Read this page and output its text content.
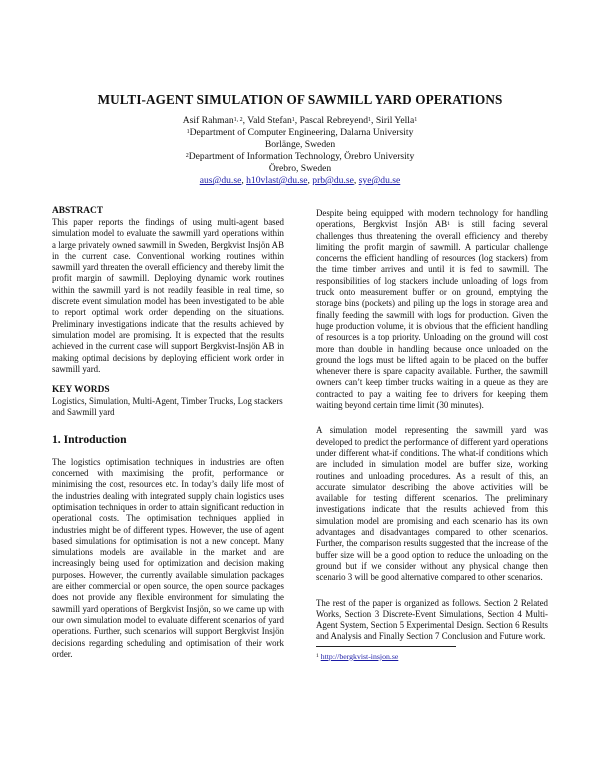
MULTI-AGENT SIMULATION OF SAWMILL YARD OPERATIONS
Asif Rahman$^{1, 2}$, Vald Stefan$^1$, Pascal Rebreyend$^1$, Siril Yella$^1$
$^1$Department of Computer Engineering, Dalarna University
Borlänge, Sweden
$^2$Department of Information Technology, Örebro University
Örebro, Sweden
aus@du.se, h10vlast@du.se, prb@du.se, sye@du.se
ABSTRACT

This paper reports the findings of using multi-agent based simulation model to evaluate the sawmill yard operations within a large privately owned sawmill in Sweden, Bergkvist Insjön AB in the current case. Conventional working routines within sawmill yard threaten the overall efficiency and thereby limit the profit margin of sawmill. Deploying dynamic work routines within the sawmill yard is not readily feasible in real time, so discrete event simulation model has been investigated to be able to report optimal work order depending on the situations. Preliminary investigations indicate that the results achieved by simulation model are promising. It is expected that the results achieved in the current case will support Bergkvist-Insjön AB in making optimal decisions by deploying efficient work order in sawmill yard.

KEY WORDS

Logistics, Simulation, Multi-Agent, Timber Trucks, Log stackers and Sawmill yard

1. Introduction

The logistics optimisation techniques in industries are often concerned with maximising the profit, performance or minimising the cost, resources etc. In today’s daily life most of the industries dealing with integrated supply chain logistics uses optimisation techniques in order to attain significant reduction in operational costs. The optimisation techniques applied in industries might be of different types. However, the use of agent based simulations for optimisation is not a new concept. Many simulations models are available in the market and are increasingly being used for optimization and decision making purposes. However, the currently available simulation packages are either commercial or open source, the open source packages does not provide any flexible environment for simulating the sawmill yard operations of Bergkvist Insjön, so we came up with our own simulation model to evaluate different scenarios of yard operations. Further, such scenarios will support Bergkvist Insjön decisions regarding scheduling and optimisation of their work order.

Despite being equipped with modern technology for handling operations, Bergkvist Insjön $AB^1$ is still facing several challenges thus threatening the overall efficiency and thereby limiting the profit margin of sawmill. A particular challenge concerns the efficient handling of resources (log stackers) from the time timber arrives and until it is fed to sawmill. The responsibilities of log stackers include unloading of logs from truck onto measurement buffer or on ground, emptying the storage bins (pockets) and piling up the logs in storage area and finally feeding the sawmill with logs for production. Given the huge production volume, it is obvious that the efficient handling of resources is a top priority. Unloading on the ground will cost more than double in handling because once unloaded on the ground the logs must be lifted again to be placed on the buffer whenever there is spare capacity available. Further, the sawmill owners can’t keep timber trucks waiting in a queue as they are contracted to pay a waiting fee to drivers for keeping them waiting beyond certain time limit (30 minutes).

A simulation model representing the sawmill yard was developed to predict the performance of different yard operations under different what-if conditions. The what-if conditions which are included in simulation model are buffer size, working routines and unloading procedures. As a result of this, an accurate simulator describing the above activities will be available for testing different scenarios. The preliminary investigations indicate that the results achieved from this simulation model are promising and each scenario has its own advantages and disadvantages compared to other scenarios. Further, the comparison results suggested that the increase of the buffer size will be a good option to reduce the unloading on the ground but if we consider without any physical change then scenario 3 will be good alternative compared to other scenarios.

The rest of the paper is organized as follows. Section 2 Related Works, Section 3 Discrete-Event Simulations, Section 4 Multi-Agent System, Section 5 Experimental Design. Section 6 Results and Analysis and Finally Section 7 Conclusion and Future work.

$^1$ http://bergkvist-insjon.se
